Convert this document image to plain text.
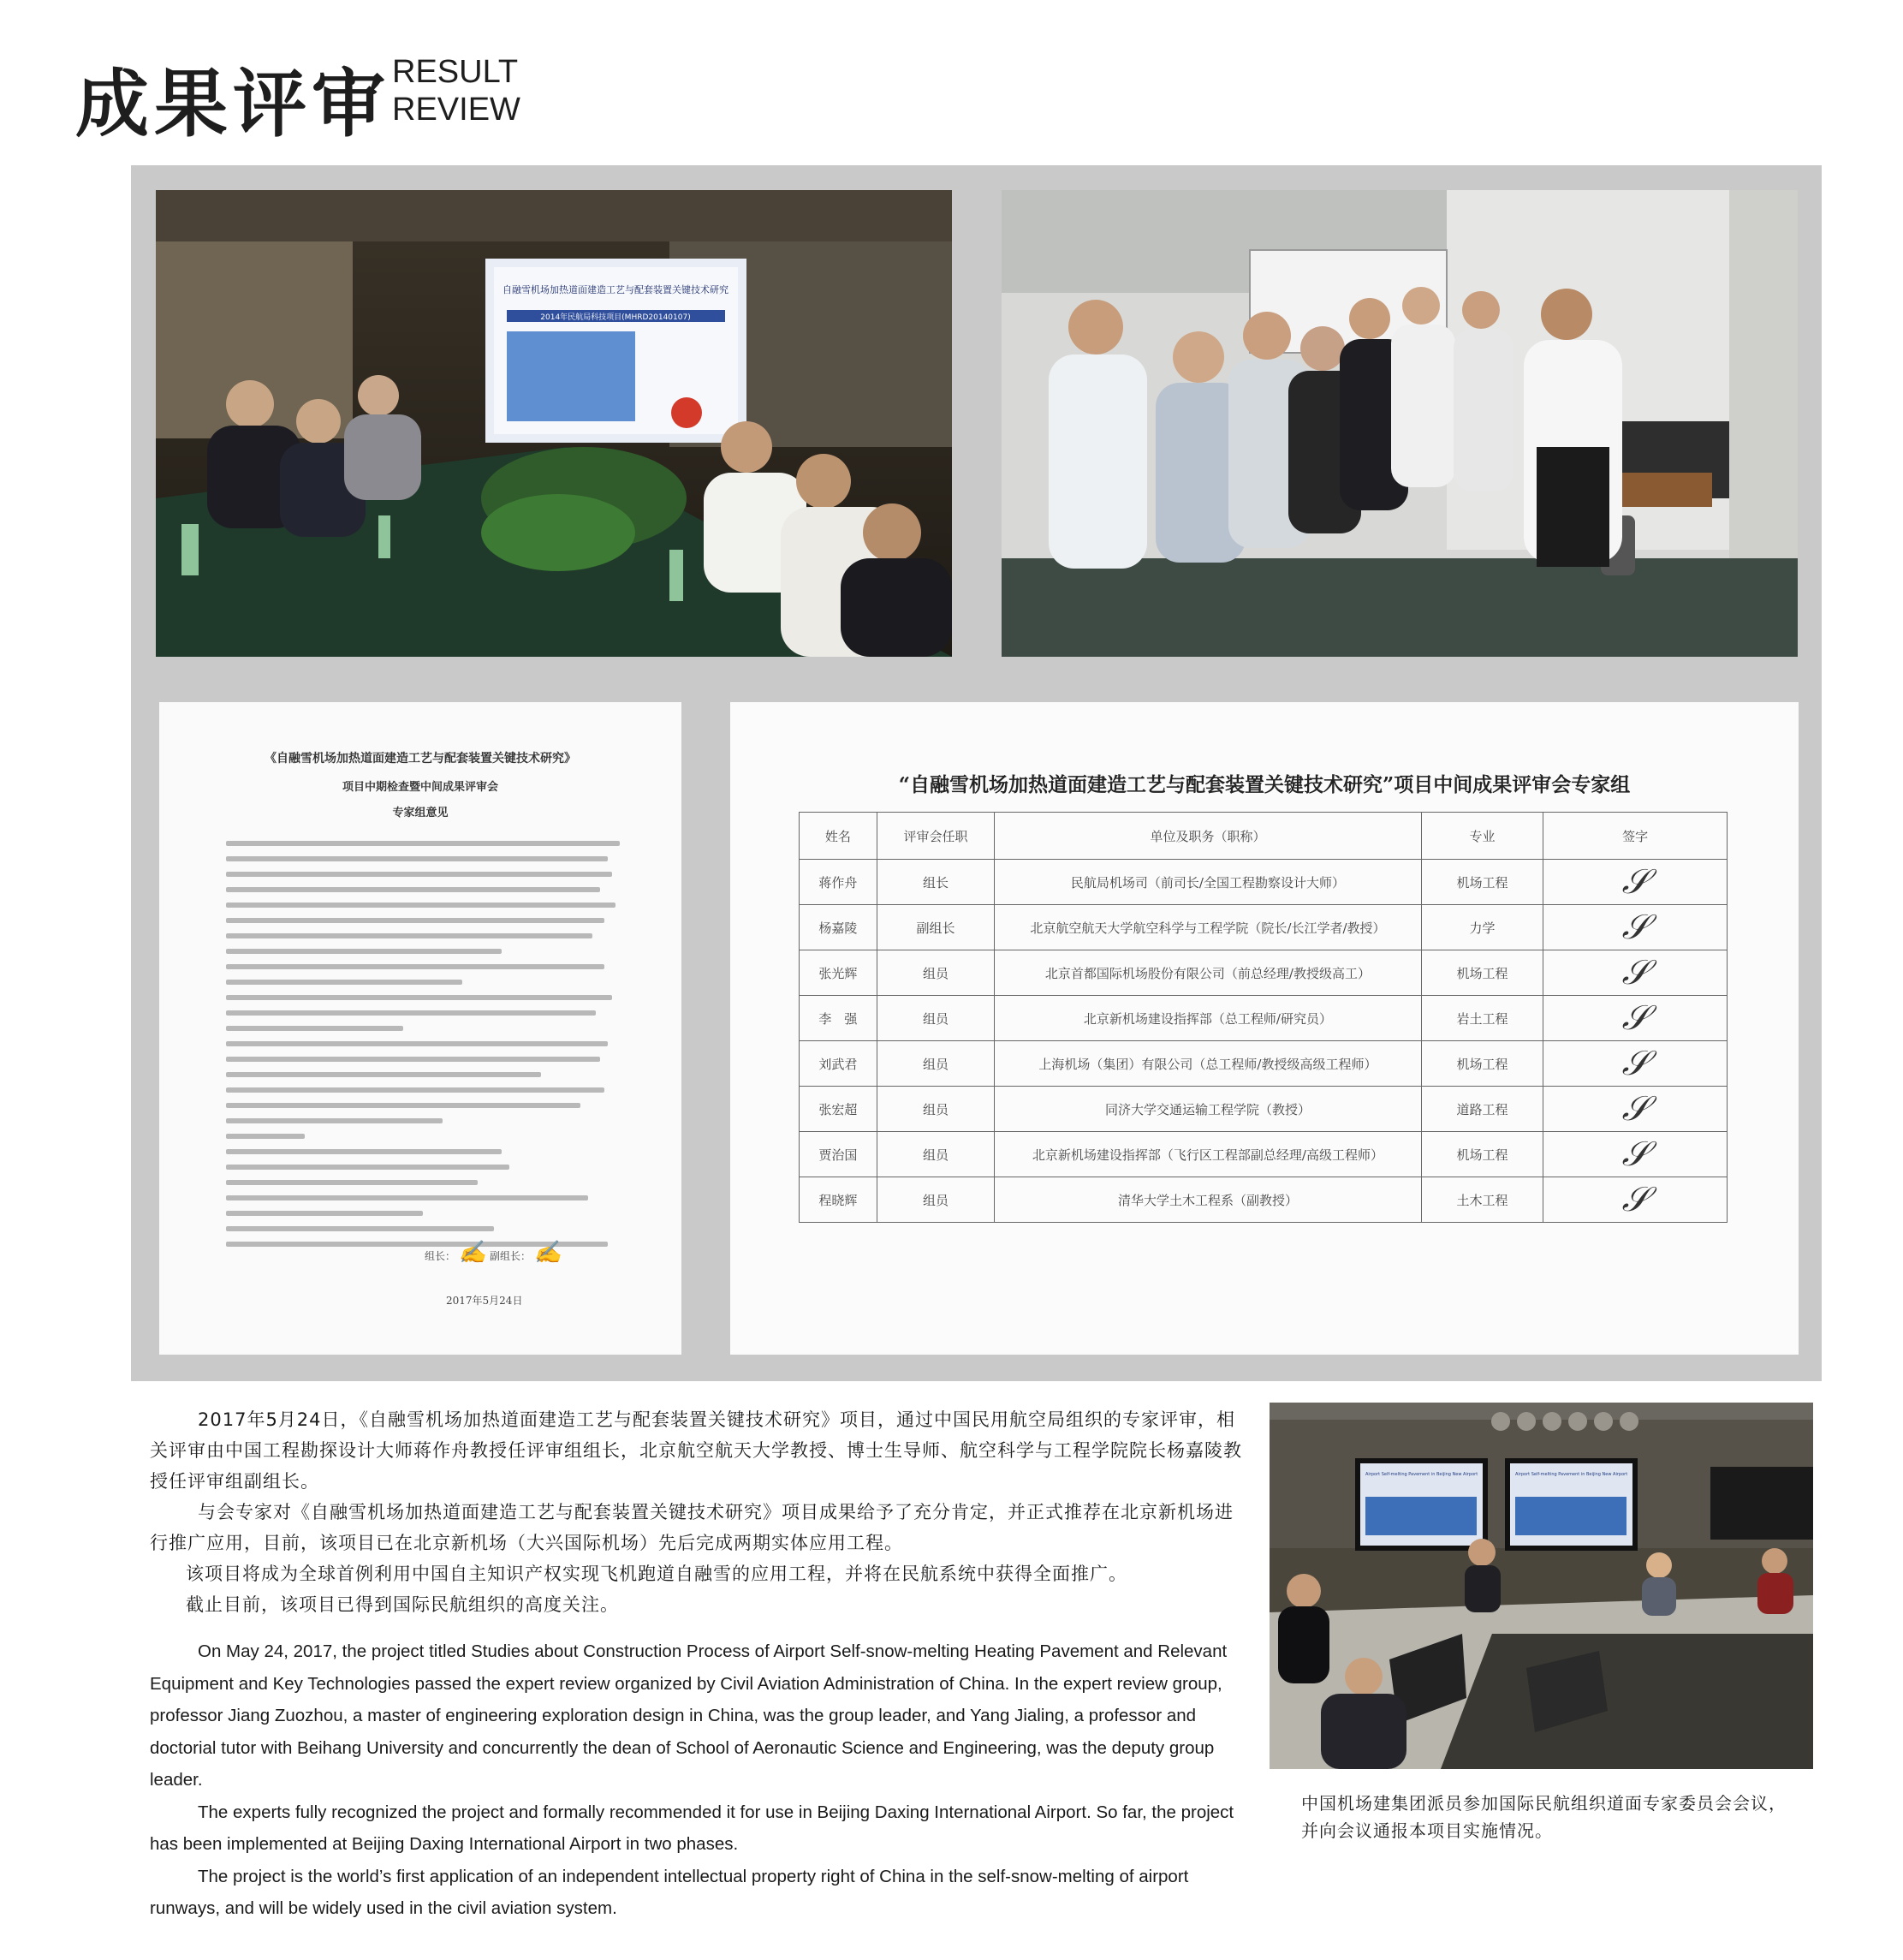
成果评审 RESULT
REVIEW
自融雪机场加热道面建造工艺与配套装置关键技术研究
2014年民航局科技项目(MHRD20140107)
《自融雪机场加热道面建造工艺与配套装置关键技术研究》
项目中期检查暨中间成果评审会
专家组意见
组长： ✍ 副组长： ✍
2017年5月24日
“自融雪机场加热道面建造工艺与配套装置关键技术研究”项目中间成果评审会专家组
姓名	评审会任职	单位及职务（职称）	专业	签字
蒋作舟	组长	民航局机场司（前司长/全国工程勘察设计大师）	机场工程	𝒮
杨嘉陵	副组长	北京航空航天大学航空科学与工程学院（院长/长江学者/教授）	力学	𝒮
张光辉	组员	北京首都国际机场股份有限公司（前总经理/教授级高工）	机场工程	𝒮
李　强	组员	北京新机场建设指挥部（总工程师/研究员）	岩土工程	𝒮
刘武君	组员	上海机场（集团）有限公司（总工程师/教授级高级工程师）	机场工程	𝒮
张宏超	组员	同济大学交通运输工程学院（教授）	道路工程	𝒮
贾治国	组员	北京新机场建设指挥部（飞行区工程部副总经理/高级工程师）	机场工程	𝒮
程晓辉	组员	清华大学土木工程系（副教授）	土木工程	𝒮

2017年5月24日，《自融雪机场加热道面建造工艺与配套装置关键技术研究》项目，通过中国民用航空局组织的专家评审，相关评审由中国工程勘探设计大师蒋作舟教授任评审组组长，北京航空航天大学教授、博士生导师、航空科学与工程学院院长杨嘉陵教授任评审组副组长。

与会专家对《自融雪机场加热道面建造工艺与配套装置关键技术研究》项目成果给予了充分肯定，并正式推荐在北京新机场进行推广应用，目前，该项目已在北京新机场（大兴国际机场）先后完成两期实体应用工程。

该项目将成为全球首例利用中国自主知识产权实现飞机跑道自融雪的应用工程，并将在民航系统中获得全面推广。

截止目前，该项目已得到国际民航组织的高度关注。

On May 24, 2017, the project titled Studies about Construction Process of Airport Self-snow-melting Heating Pavement and Relevant Equipment and Key Technologies passed the expert review organized by Civil Aviation Administration of China. In the expert review group, professor Jiang Zuozhou, a master of engineering exploration design in China, was the group leader, and Yang Jialing, a professor and doctorial tutor with Beihang University and concurrently the dean of School of Aeronautic Science and Engineering, was the deputy group leader.

The experts fully recognized the project and formally recommended it for use in Beijing Daxing International Airport. So far, the project has been implemented at Beijing Daxing International Airport in two phases.

The project is the world’s first application of an independent intellectual property right of China in the self-snow-melting of airport runways, and will be widely used in the civil aviation system.

Airport Self-melting Pavement in Beijing New Airport	Airport Self-melting Pavement in Beijing New Airport
中国机场建集团派员参加国际民航组织道面专家委员会会议，并向会议通报本项目实施情况。
